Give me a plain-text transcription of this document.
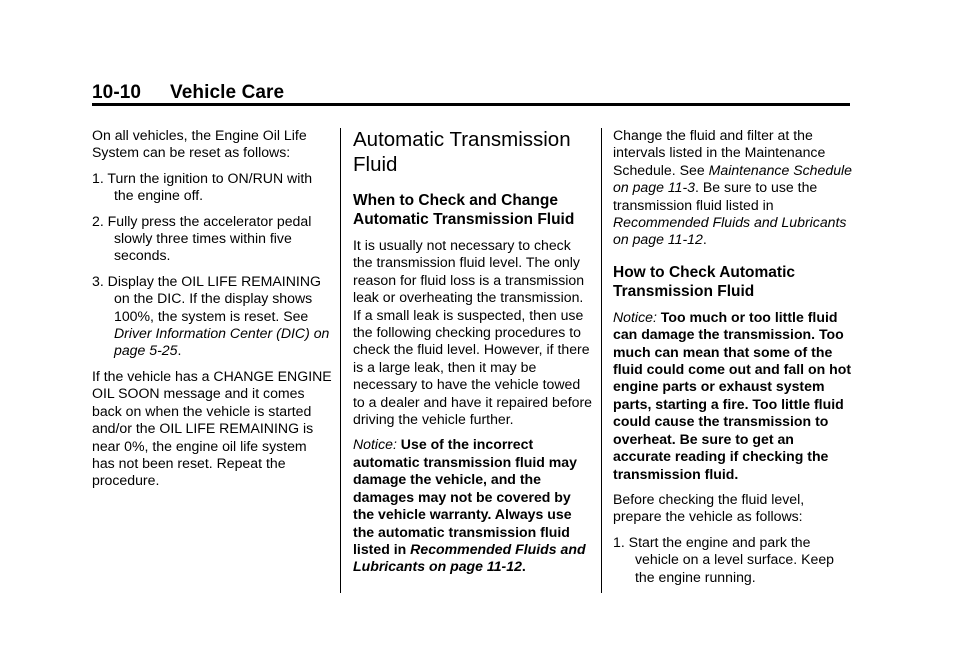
10-10 Vehicle Care

On all vehicles, the Engine Oil Life System can be reset as follows:

1. Turn the ignition to ON/RUN with the engine off.
2. Fully press the accelerator pedal slowly three times within five seconds.
3. Display the OIL LIFE REMAINING on the DIC. If the display shows 100%, the system is reset. See Driver Information Center (DIC) on page 5-25.

If the vehicle has a CHANGE ENGINE OIL SOON message and it comes back on when the vehicle is started and/or the OIL LIFE REMAINING is near 0%, the engine oil life system has not been reset. Repeat the procedure.

Automatic Transmission Fluid
When to Check and Change Automatic Transmission Fluid

It is usually not necessary to check the transmission fluid level. The only reason for fluid loss is a transmission leak or overheating the transmission. If a small leak is suspected, then use the following checking procedures to check the fluid level. However, if there is a large leak, then it may be necessary to have the vehicle towed to a dealer and have it repaired before driving the vehicle further.

Notice: Use of the incorrect automatic transmission fluid may damage the vehicle, and the damages may not be covered by the vehicle warranty. Always use the automatic transmission fluid listed in Recommended Fluids and Lubricants on page 11-12.

Change the fluid and filter at the intervals listed in the Maintenance Schedule. See Maintenance Schedule on page 11-3. Be sure to use the transmission fluid listed in Recommended Fluids and Lubricants on page 11-12.

How to Check Automatic Transmission Fluid

Notice: Too much or too little fluid can damage the transmission. Too much can mean that some of the fluid could come out and fall on hot engine parts or exhaust system parts, starting a fire. Too little fluid could cause the transmission to overheat. Be sure to get an accurate reading if checking the transmission fluid.

Before checking the fluid level, prepare the vehicle as follows:

1. Start the engine and park the vehicle on a level surface. Keep the engine running.
